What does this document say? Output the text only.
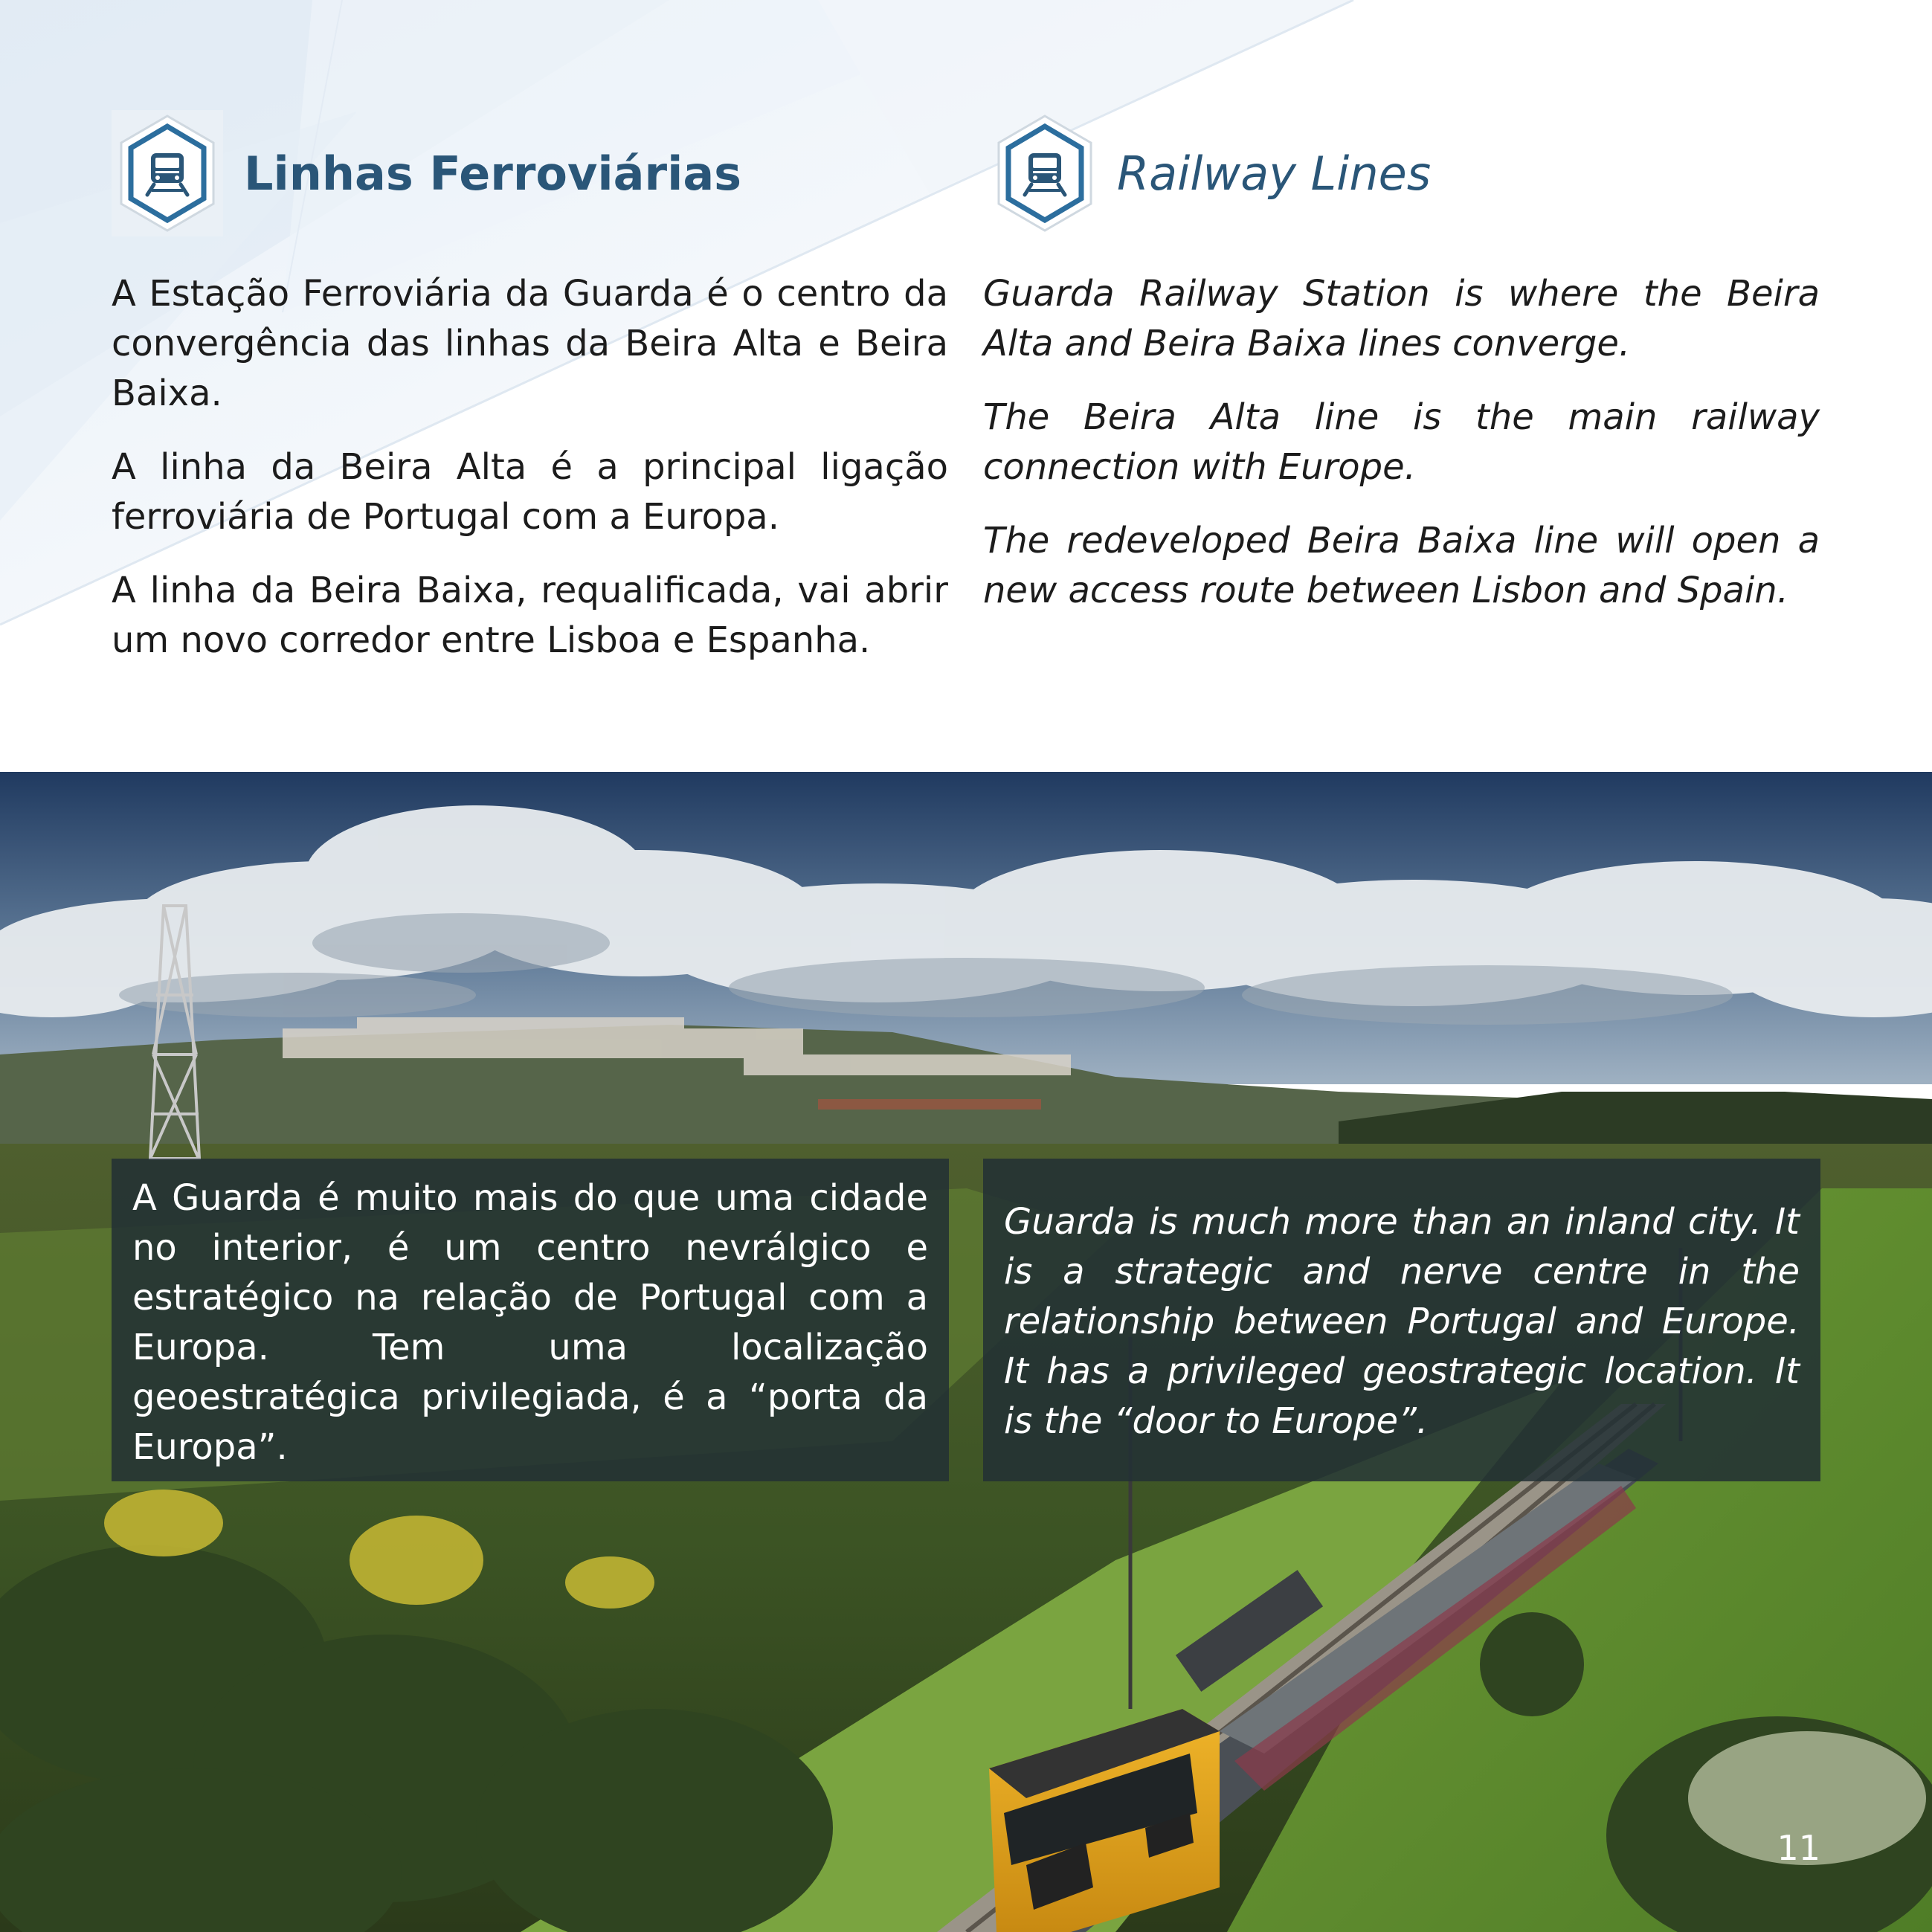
Linhas Ferroviárias	Railway Lines

A Estação Ferroviária da Guarda é o centro da convergência das linhas da Beira Alta e Beira Baixa.

A linha da Beira Alta é a principal ligação ferroviária de Portugal com a Europa.

A linha da Beira Baixa, requalificada, vai abrir um novo corredor entre Lisboa e Espanha.

Guarda Railway Station is where the Beira Alta and Beira Baixa lines converge.

The Beira Alta line is the main railway connection with Europe.

The redeveloped Beira Baixa line will open a new access route between Lisbon and Spain.

A Guarda é muito mais do que uma cidade no interior, é um centro nevrálgico e estratégico na relação de Portugal com a Europa. Tem uma localização geoestratégica privilegiada, é a “porta da Europa”.

Guarda is much more than an inland city. It is a strategic and nerve centre in the relationship between Portugal and Europe. It has a privileged geostrategic location. It is the “door to Europe”.

11
